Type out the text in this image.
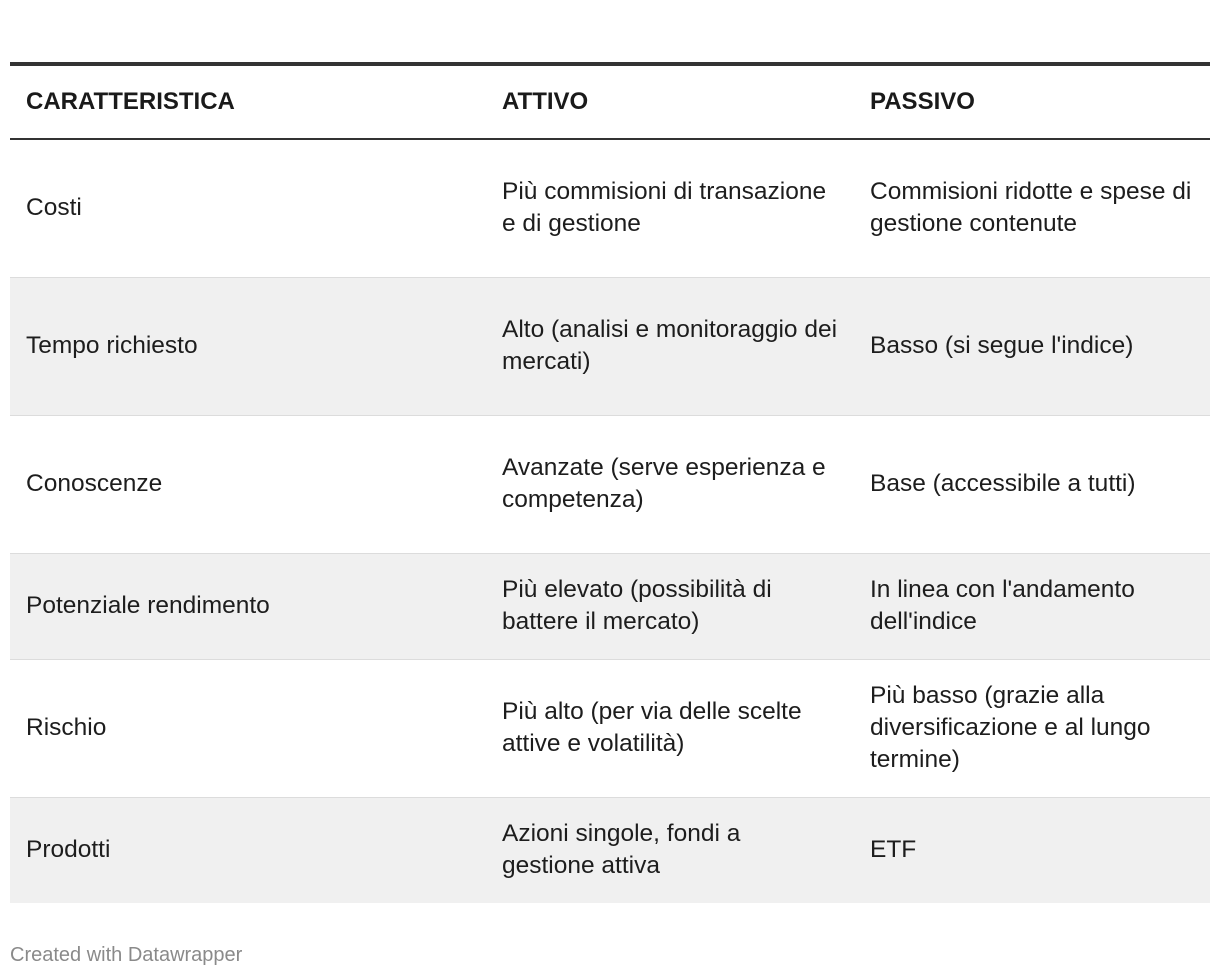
CARATTERISTICA	ATTIVO	PASSIVO
Costi	Più commisioni di transazione e di gestione	Commisioni ridotte e spese di gestione contenute
Tempo richiesto	Alto (analisi e monitoraggio dei mercati)	Basso (si segue l'indice)
Conoscenze	Avanzate (serve esperienza e competenza)	Base (accessibile a tutti)
Potenziale rendimento	Più elevato (possibilità di battere il mercato)	In linea con l'andamento dell'indice
Rischio	Più alto (per via delle scelte attive e volatilità)	Più basso (grazie alla diversificazione e al lungo termine)
Prodotti	Azioni singole, fondi a gestione attiva	ETF
Created with Datawrapper
